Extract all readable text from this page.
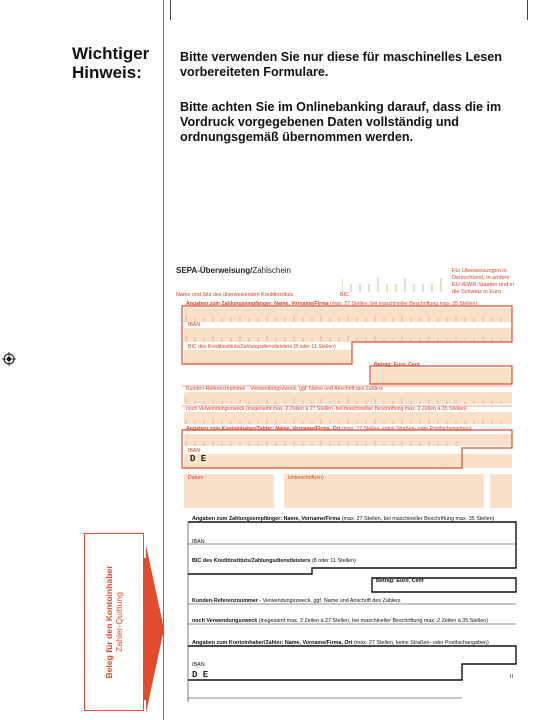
Wichtiger
Hinweis:
Bitte verwenden Sie nur diese für maschinelles Lesen vorbereiteten Formulare.
Bitte achten Sie im Onlinebanking darauf, dass die im Vordruck vorgegebenen Daten vollständig und ordnungsgemäß übernommen werden.
SEPA-Überweisung/Zahlschein	Für Überweisungen in Deutschland, in andere EU-/EWR-Staaten und in die Schweiz in Euro.
Name und Sitz des überweisenden Kreditinstituts	BIC
Angaben zum Zahlungsempfänger: Name, Vorname/Firma (max. 27 Stellen, bei maschineller Beschriftung max. 35 Stellen)
IBAN
BIC des Kreditinstituts/Zahlungsdienstleisters (8 oder 11 Stellen)
Betrag: Euro, Cent
Kunden-Referenznummer - Verwendungszweck, ggf. Name und Anschrift des Zahlers
noch Verwendungszweck (insgesamt max. 2 Zeilen à 27 Stellen, bei maschineller Beschriftung max. 2 Zeilen à 35 Stellen)
Angaben zum Kontoinhaber/Zahler: Name, Vorname/Firma, Ort (max. 27 Stellen, keine Straßen- oder Postfachangaben)
IBAN
D E
Datum	Unterschrift(en)
Beleg für den Kontoinhaber Zahler-Quittung
Angaben zum Zahlungsempfänger: Name, Vorname/Firma (max. 27 Stellen, bei maschineller Beschriftung max. 35 Stellen)
IBAN
BIC des Kreditinstituts/Zahlungsdienstleisters (8 oder 11 Stellen)
Betrag: Euro, Cent
Kunden-Referenznummer - Verwendungszweck, ggf. Name und Anschrift des Zahlers
noch Verwendungszweck (insgesamt max. 2 Zeilen à 27 Stellen, bei maschineller Beschriftung max. 2 Zeilen à 35 Stellen)
Angaben zum Kontoinhaber/Zahler: Name, Vorname/Firma, Ort (max. 27 Stellen, keine Straßen- oder Postfachangaben)
IBAN
D E	II
